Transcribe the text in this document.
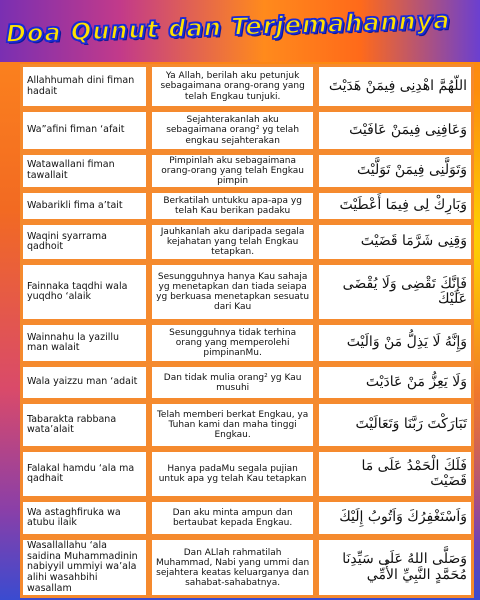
Doa Qunut dan Terjemahannya
Allahhumah dini fiman hadait	Ya Allah, berilah aku petunjuk sebagaimana orang-orang yang telah Engkau tunjuki.	اللّهُمَّ اهْدِنِى فِيمَنْ هَدَيْتَ
Wa”afini fiman ‘afait	Sejahterakanlah aku sebagaimana orang² yg telah engkau sejahterakan	وَعَافِنِى فِيمَنْ عَافَيْتَ
Watawallani fiman tawallait	Pimpinlah aku sebagaimana orang-orang yang telah Engkau pimpin	وَتَوَلَّنِى فِيمَنْ تَوَلَّيْتَ
Wabarikli fima a’tait	Berkatilah untukku apa-apa yg telah Kau berikan padaku	وَبَارِكْ لِى فِيمَا أَعْطَيْتَ
Waqini syarrama qadhoit	Jauhkanlah aku daripada segala kejahatan yang telah Engkau tetapkan.	وَقِنِى شَرَّمَا قَضَيْتَ
Fainnaka taqdhi wala yuqdho ‘alaik	Sesungguhnya hanya Kau sahaja yg menetapkan dan tiada seiapa yg berkuasa menetapkan sesuatu dari Kau	فَإِنَّكَ تَقْضِى وَلَا يُقْضَى عَلَيْكَ
Wainnahu la yazillu man walait	Sesungguhnya tidak terhina orang yang memperolehi pimpinanMu.	وَإِنَّهُ لَا يَذِلُّ مَنْ وَالَيْتَ
Wala yaizzu man ‘adait	Dan tidak mulia orang² yg Kau musuhi	وَلَا يَعِزُّ مَنْ عَادَيْتَ
Tabarakta rabbana wata’alait	Telah memberi berkat Engkau, ya Tuhan kami dan maha tinggi Engkau.	تَبَارَكْتَ رَبَّنَا وَتَعَالَيْتَ
Falakal hamdu ‘ala ma qadhait	Hanya padaMu segala pujian untuk apa yg telah Kau tetapkan	فَلَكَ الْحَمْدُ عَلَى مَا قَضَيْتَ
Wa astaghfiruka wa atubu ilaik	Dan aku minta ampun dan bertaubat kepada Engkau.	وَاَسْتَغْفِرُكَ وَاَتُوبُ إِلَيْكَ
Wasallallahu ‘ala saidina Muhammadinin nabiyyil ummiyi wa’ala alihi wasahbihi wasallam	Dan ALlah rahmatilah Muhammad, Nabi yang ummi dan sejahtera keatas keluarganya dan sahabat-sahabatnya.	وَصَلَّى اللهُ عَلَى سَيِّدِنَا مُحَمَّدٍ النَّبِيِّ الأُمِّي
